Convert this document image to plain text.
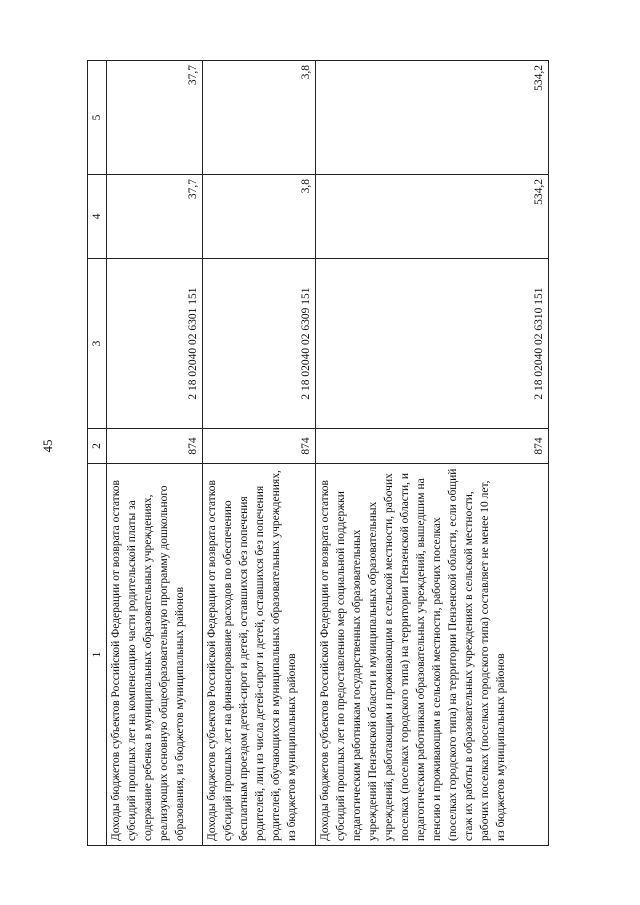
45
1	2	3	4	5
Доходы бюджетов субъектов Российской Федерации от возврата остатков субсидий прошлых лет на компенсацию части родительской платы за содержание ребенка в муниципальных образовательных учреждениях, реализующих основную общеобразовательную программу дошкольного образования, из бюджетов муниципальных районов	874	2 18 02040 02 6301 151	37,7	37,7
Доходы бюджетов субъектов Российской Федерации от возврата остатков субсидий прошлых лет на финансирование расходов по обеспечению бесплатным проездом детей-сирот и детей, оставшихся без попечения родителей, лиц из числа детей-сирот и детей, оставшихся без попечения родителей, обучающихся в муниципальных образовательных учреждениях, из бюджетов муниципальных районов	874	2 18 02040 02 6309 151	3,8	3,8
Доходы бюджетов субъектов Российской Федерации от возврата остатков субсидий прошлых лет по предоставлению мер социальной поддержки педагогическим работникам государственных образовательных учреждений Пензенской области и муниципальных образовательных учреждений, работающим и проживающим в сельской местности, рабочих поселках (поселках городского типа) на территории Пензенской области, и педагогическим работникам образовательных учреждений, вышедшим на пенсию и проживающим в сельской местности, рабочих поселках (поселках городского типа) на территории Пензенской области, если общий стаж их работы в образовательных учреждениях в сельской местности, рабочих поселках (поселках городского типа) составляет не менее 10 лет, из бюджетов муниципальных районов	874	2 18 02040 02 6310 151	534,2	534,2
